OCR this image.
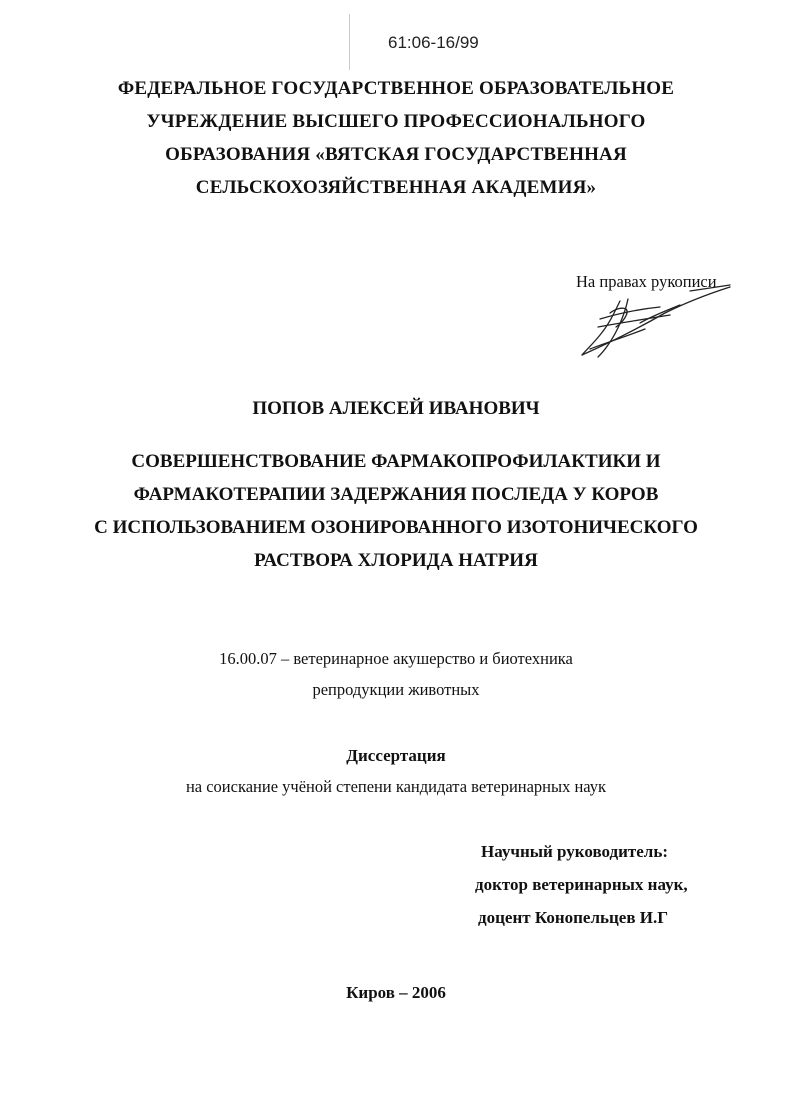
61:06-16/99
ФЕДЕРАЛЬНОЕ ГОСУДАРСТВЕННОЕ ОБРАЗОВАТЕЛЬНОЕ
УЧРЕЖДЕНИЕ ВЫСШЕГО ПРОФЕССИОНАЛЬНОГО
ОБРАЗОВАНИЯ «ВЯТСКАЯ ГОСУДАРСТВЕННАЯ
СЕЛЬСКОХОЗЯЙСТВЕННАЯ АКАДЕМИЯ»
На правах рукописи
ПОПОВ АЛЕКСЕЙ ИВАНОВИЧ
СОВЕРШЕНСТВОВАНИЕ ФАРМАКОПРОФИЛАКТИКИ И
ФАРМАКОТЕРАПИИ ЗАДЕРЖАНИЯ ПОСЛЕДА У КОРОВ
С ИСПОЛЬЗОВАНИЕМ ОЗОНИРОВАННОГО ИЗОТОНИЧЕСКОГО
РАСТВОРА ХЛОРИДА НАТРИЯ
16.00.07 – ветеринарное акушерство и биотехника
репродукции животных
Диссертация
на соискание учёной степени кандидата ветеринарных наук
Научный руководитель:
доктор ветеринарных наук,
доцент Конопельцев И.Г
Киров – 2006
